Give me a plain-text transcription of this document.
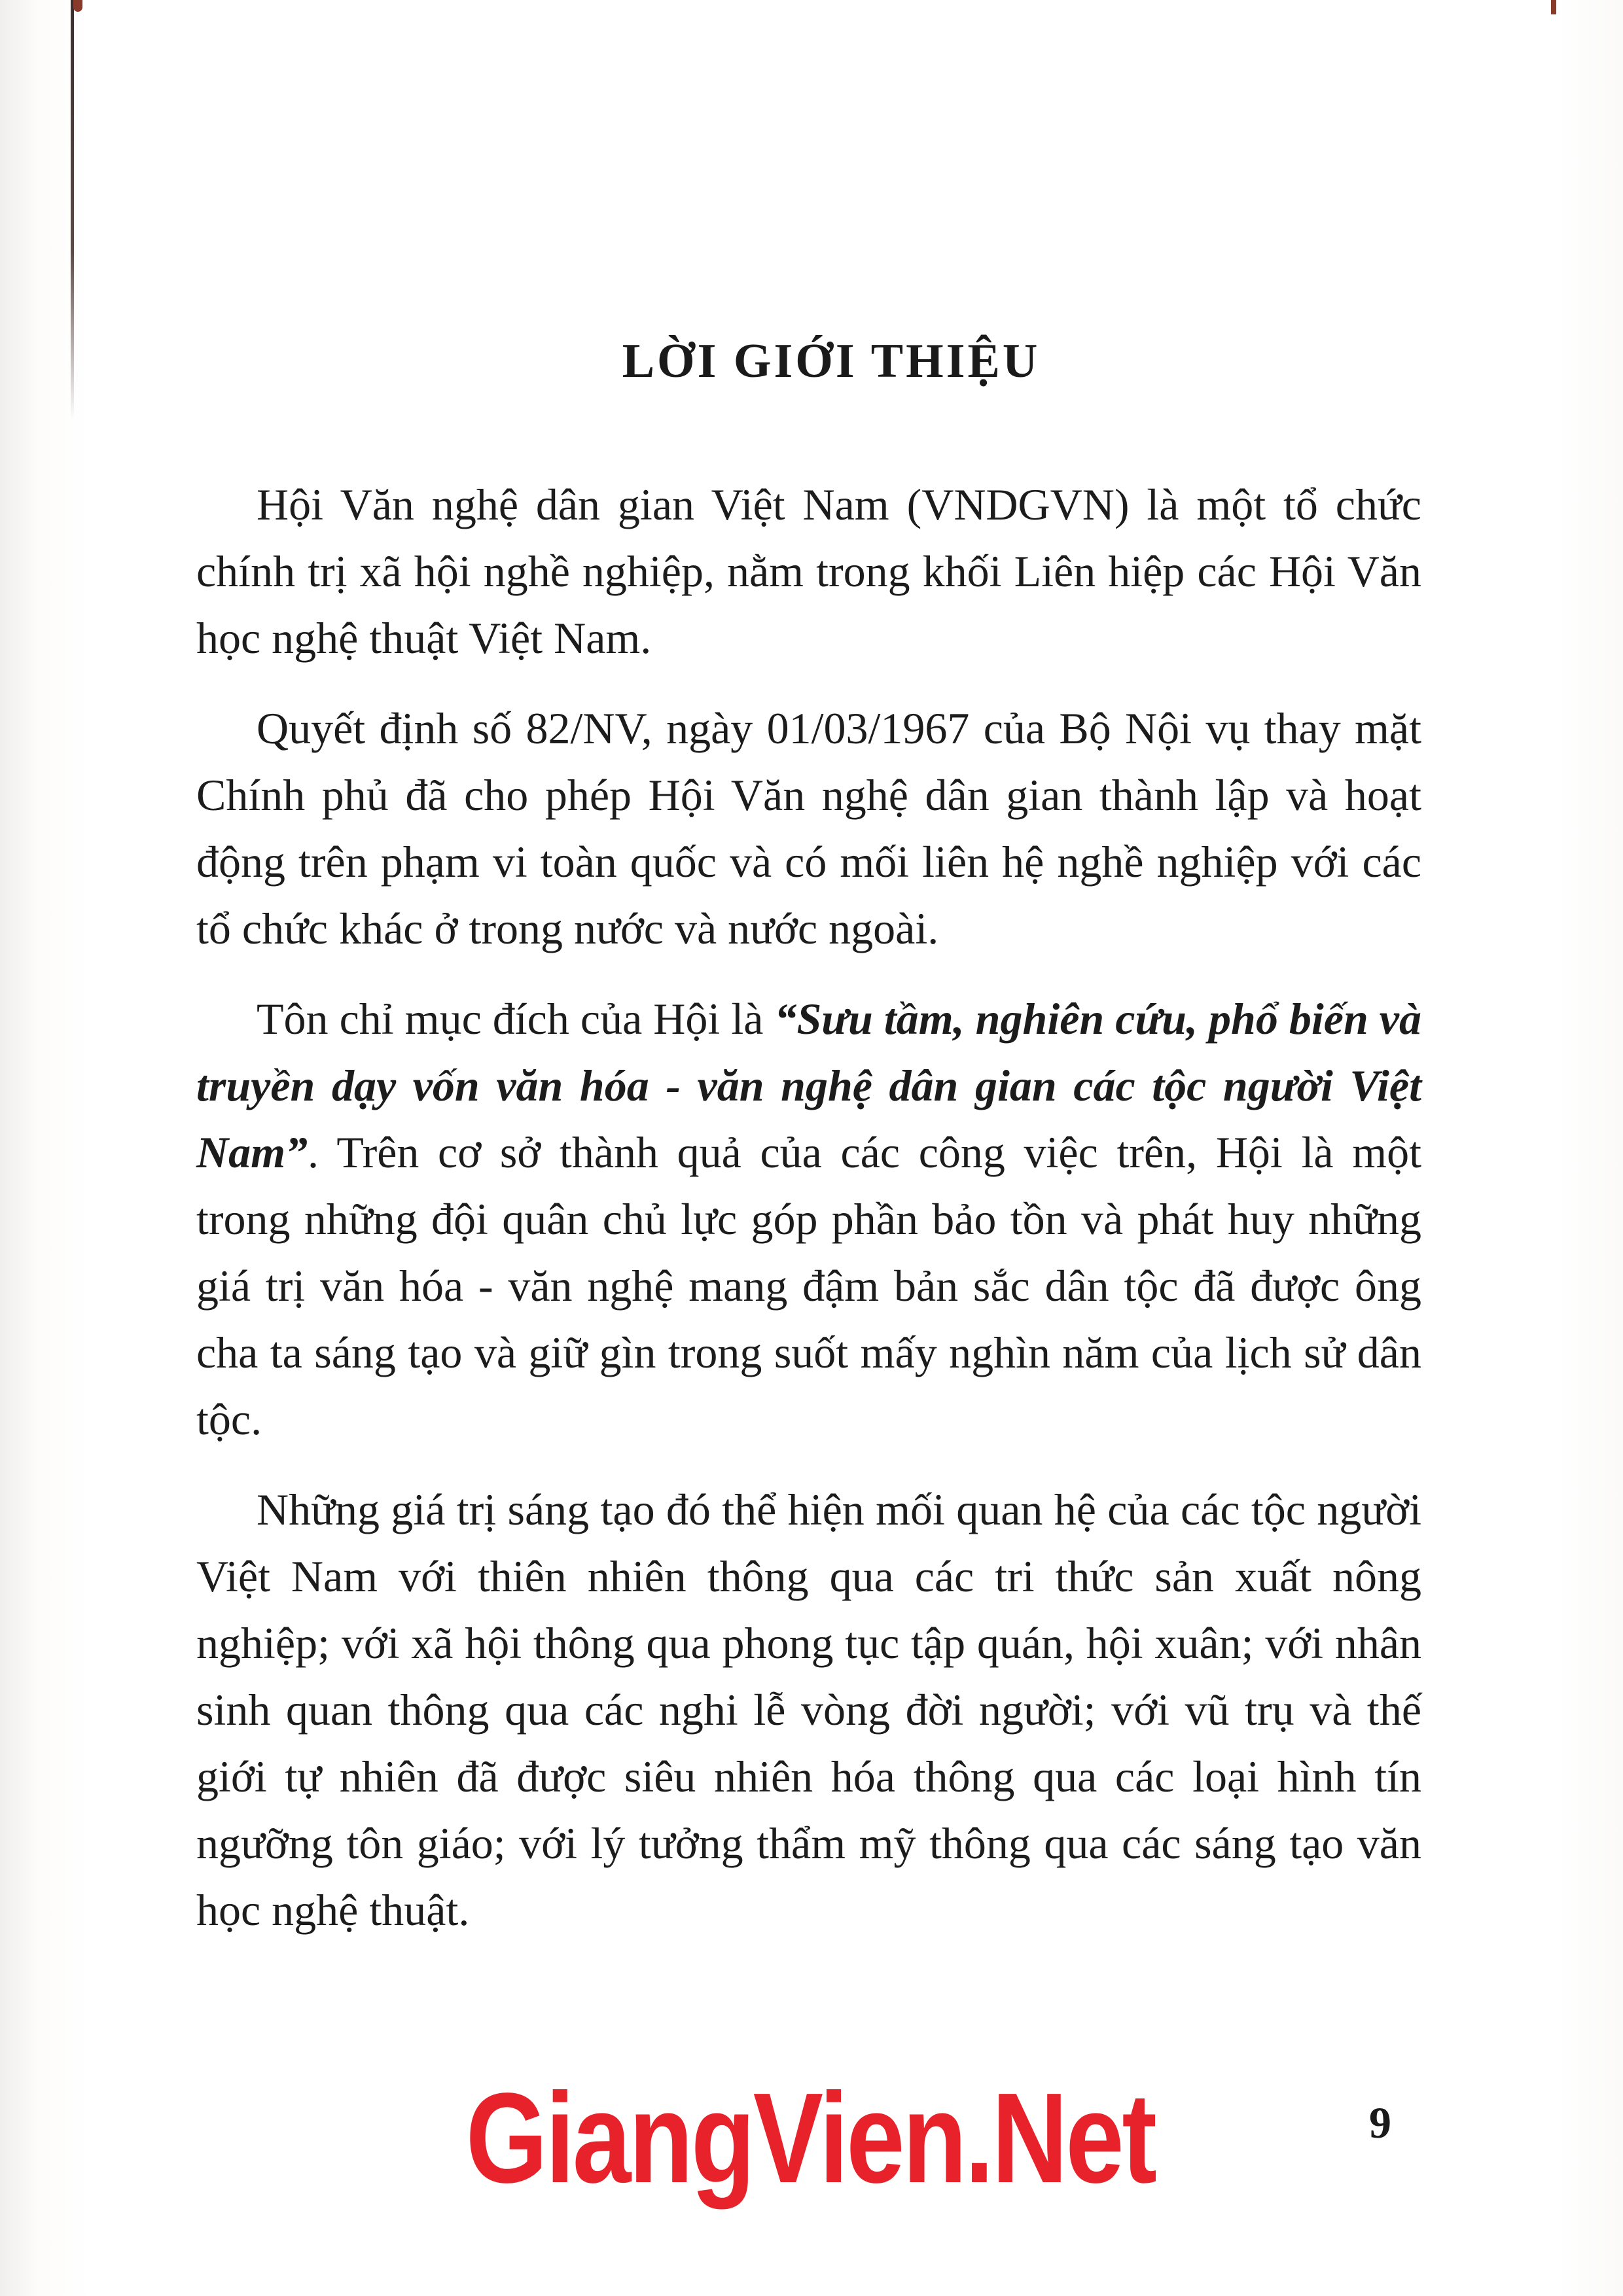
LỜI GIỚI THIỆU

Hội Văn nghệ dân gian Việt Nam (VNDGVN) là một tổ chức chính trị xã hội nghề nghiệp, nằm trong khối Liên hiệp các Hội Văn học nghệ thuật Việt Nam.

Quyết định số 82/NV, ngày 01/03/1967 của Bộ Nội vụ thay mặt Chính phủ đã cho phép Hội Văn nghệ dân gian thành lập và hoạt động trên phạm vi toàn quốc và có mối liên hệ nghề nghiệp với các tổ chức khác ở trong nước và nước ngoài.

Tôn chỉ mục đích của Hội là “Sưu tầm, nghiên cứu, phổ biến và truyền dạy vốn văn hóa - văn nghệ dân gian các tộc người Việt Nam”. Trên cơ sở thành quả của các công việc trên, Hội là một trong những đội quân chủ lực góp phần bảo tồn và phát huy những giá trị văn hóa - văn nghệ mang đậm bản sắc dân tộc đã được ông cha ta sáng tạo và giữ gìn trong suốt mấy nghìn năm của lịch sử dân tộc.

Những giá trị sáng tạo đó thể hiện mối quan hệ của các tộc người Việt Nam với thiên nhiên thông qua các tri thức sản xuất nông nghiệp; với xã hội thông qua phong tục tập quán, hội xuân; với nhân sinh quan thông qua các nghi lễ vòng đời người; với vũ trụ và thế giới tự nhiên đã được siêu nhiên hóa thông qua các loại hình tín ngưỡng tôn giáo; với lý tưởng thẩm mỹ thông qua các sáng tạo văn học nghệ thuật.

GiangVien.Net	9
